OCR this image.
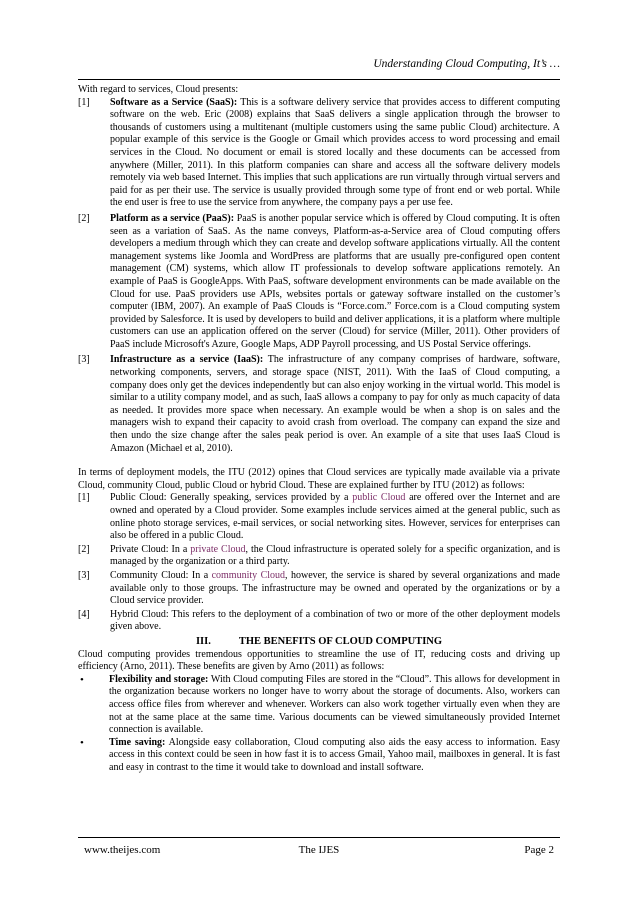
Understanding Cloud Computing, It’s …

With regard to services, Cloud presents:

[1] Software as a Service (SaaS): This is a software delivery service that provides access to different computing software on the web. Eric (2008) explains that SaaS delivers a single application through the browser to thousands of customers using a multitenant (multiple customers using the same public Cloud) architecture. A popular example of this service is the Google or Gmail which provides access to word processing and email services in the Cloud. No document or email is stored locally and these documents can be accessed from anywhere (Miller, 2011). In this platform companies can share and access all the software delivery models remotely via web based Internet. This implies that such applications are run virtually through virtual servers and paid for as per their use. The service is usually provided through some type of front end or web portal. While the end user is free to use the service from anywhere, the company pays a per use fee.
[2] Platform as a service (PaaS): PaaS is another popular service which is offered by Cloud computing. It is often seen as a variation of SaaS. As the name conveys, Platform-as-a-Service area of Cloud computing offers developers a medium through which they can create and develop software applications virtually. All the content management systems like Joomla and WordPress are platforms that are usually pre-configured open content management (CM) systems, which allow IT professionals to develop software applications remotely. An example of PaaS is GoogleApps. With PaaS, software development environments can be made available on the Cloud for use. PaaS providers use APIs, websites portals or gateway software installed on the customer’s computer (IBM, 2007). An example of PaaS Clouds is “Force.com.” Force.com is a Cloud computing system provided by Salesforce. It is used by developers to build and deliver applications, it is a platform where multiple customers can use an application offered on the server (Cloud) for service (Miller, 2011). Other providers of PaaS include Microsoft's Azure, Google Maps, ADP Payroll processing, and US Postal Service offerings.
[3] Infrastructure as a service (IaaS): The infrastructure of any company comprises of hardware, software, networking components, servers, and storage space (NIST, 2011). With the IaaS of Cloud computing, a company does only get the devices independently but can also enjoy working in the virtual world. This model is similar to a utility company model, and as such, IaaS allows a company to pay for only as much capacity of data as needed. It provides more space when necessary. An example would be when a shop is on sales and the managers wish to expand their capacity to avoid crash from overload. The company can expand the size and then undo the size change after the sales peak period is over. An example of a site that uses IaaS Cloud is Amazon (Michael et al, 2010).

In terms of deployment models, the ITU (2012) opines that Cloud services are typically made available via a private Cloud, community Cloud, public Cloud or hybrid Cloud. These are explained further by ITU (2012) as follows:

[1] Public Cloud: Generally speaking, services provided by a public Cloud are offered over the Internet and are owned and operated by a Cloud provider. Some examples include services aimed at the general public, such as online photo storage services, e-mail services, or social networking sites. However, services for enterprises can also be offered in a public Cloud.
[2] Private Cloud: In a private Cloud, the Cloud infrastructure is operated solely for a specific organization, and is managed by the organization or a third party.
[3] Community Cloud: In a community Cloud, however, the service is shared by several organizations and made available only to those groups. The infrastructure may be owned and operated by the organizations or by a Cloud service provider.
[4] Hybrid Cloud: This refers to the deployment of a combination of two or more of the other deployment models given above.
III.	THE BENEFITS OF CLOUD COMPUTING

Cloud computing provides tremendous opportunities to streamline the use of IT, reducing costs and driving up efficiency (Arno, 2011). These benefits are given by Arno (2011) as follows:

•	Flexibility and storage: With Cloud computing Files are stored in the “Cloud”. This allows for development in the organization because workers no longer have to worry about the storage of documents. Also, workers can access office files from wherever and whenever. Workers can also work together virtually even when they are not at the same place at the same time. Various documents can be viewed simultaneously provided Internet connection is available.
•	Time saving: Alongside easy collaboration, Cloud computing also aids the easy access to information. Easy access in this context could be seen in how fast it is to access Gmail, Yahoo mail, mailboxes in general. It is fast and easy in contrast to the time it would take to download and install software.
www.theijes.com	The IJES	Page 2
